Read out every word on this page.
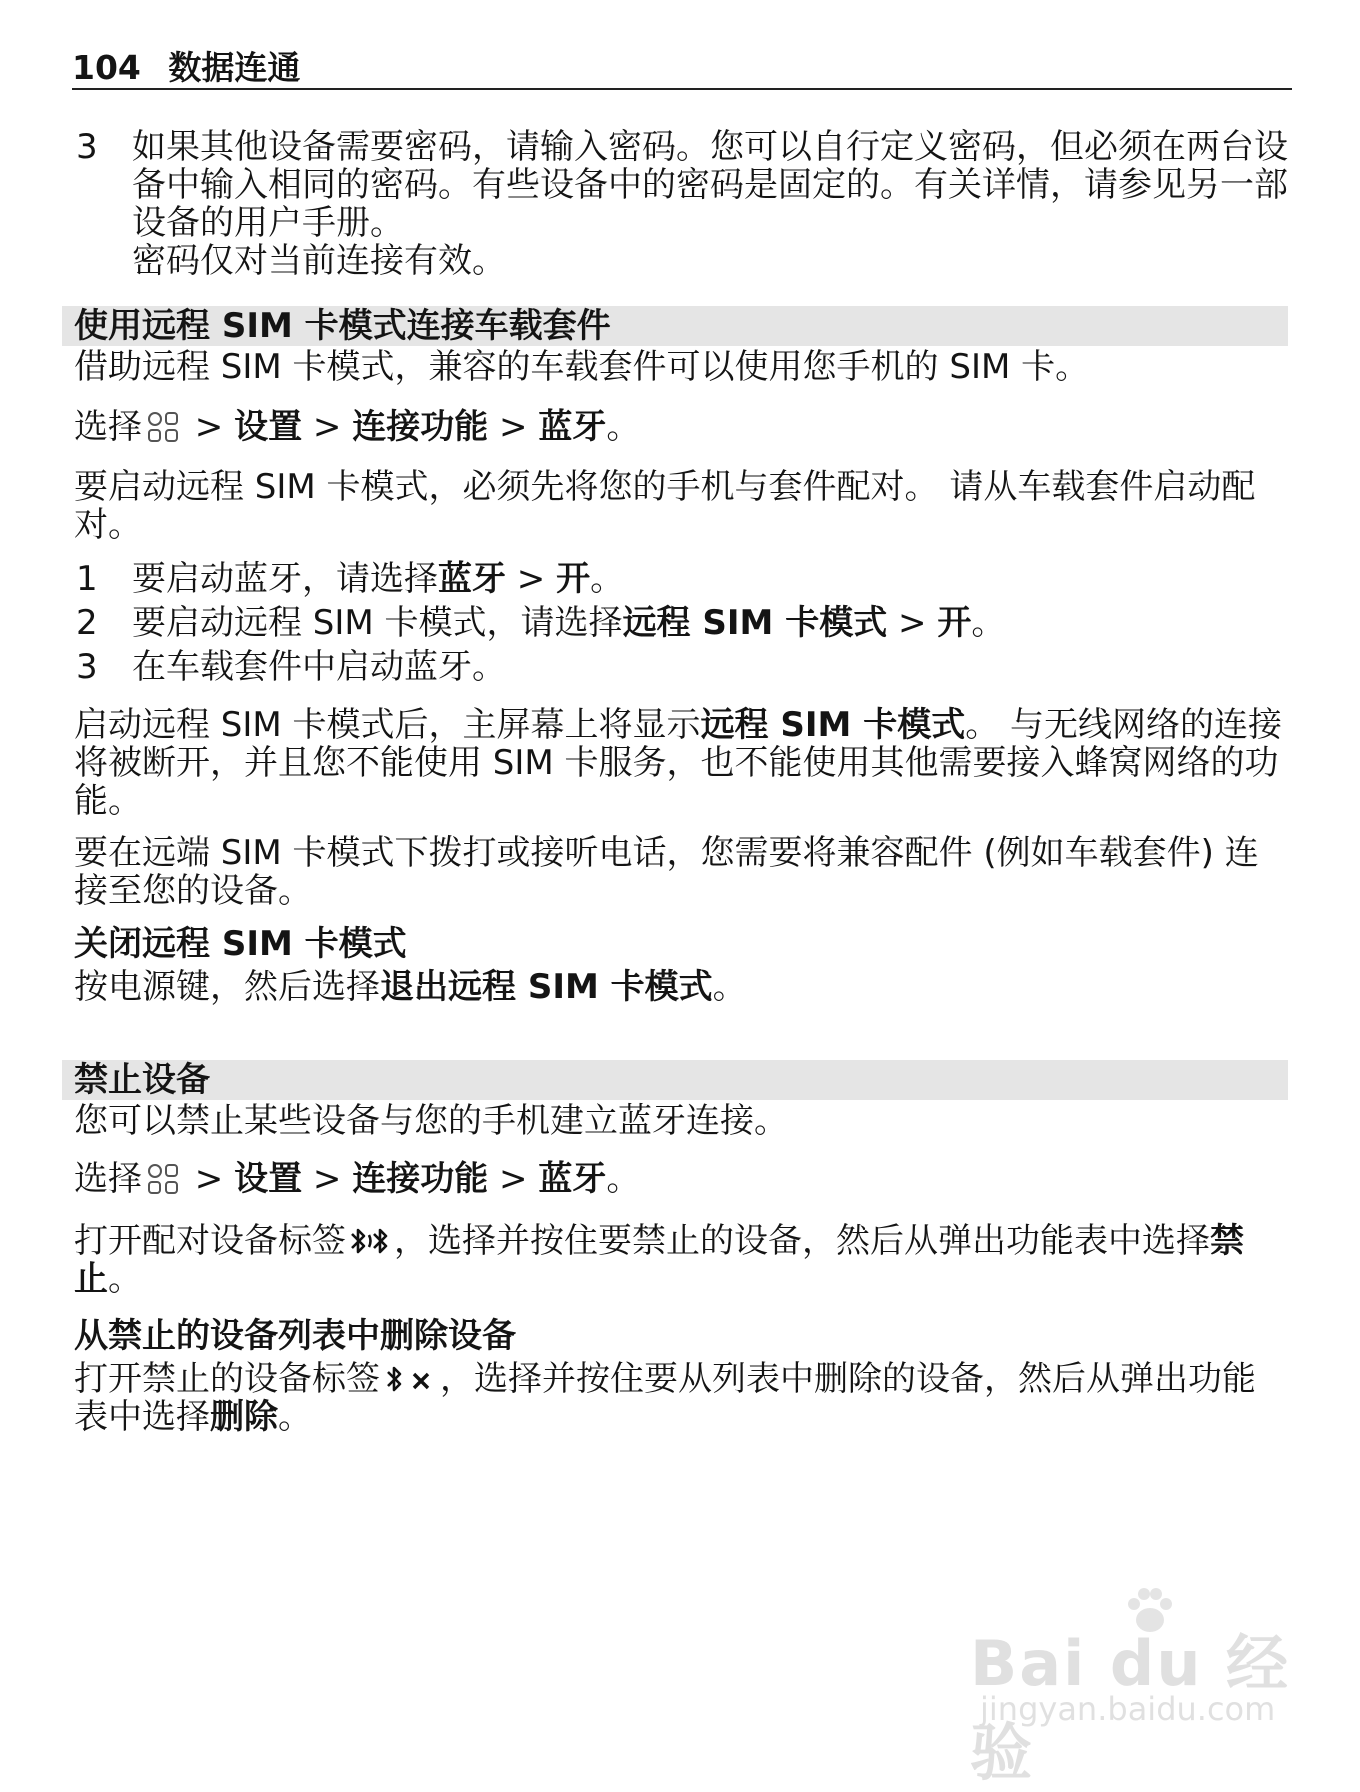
104 数据连通
3 如果其他设备需要密码，请输入密码。您可以自行定义密码，但必须在两台设备中输入相同的密码。有些设备中的密码是固定的。有关详情，请参见另一部设备的用户手册。
密码仅对当前连接有效。
使用远程 SIM 卡模式连接车载套件
借助远程 SIM 卡模式，兼容的车载套件可以使用您手机的 SIM 卡。
选择 > 设置 > 连接功能 > 蓝牙。
要启动远程 SIM 卡模式，必须先将您的手机与套件配对。 请从车载套件启动配对。
1 要启动蓝牙，请选择蓝牙 > 开。
2 要启动远程 SIM 卡模式，请选择远程 SIM 卡模式 > 开。
3 在车载套件中启动蓝牙。
启动远程 SIM 卡模式后，主屏幕上将显示远程 SIM 卡模式。 与无线网络的连接将被断开，并且您不能使用 SIM 卡服务，也不能使用其他需要接入蜂窝网络的功能。
要在远端 SIM 卡模式下拨打或接听电话，您需要将兼容配件 (例如车载套件) 连接至您的设备。
关闭远程 SIM 卡模式
按电源键，然后选择退出远程 SIM 卡模式。
禁止设备
您可以禁止某些设备与您的手机建立蓝牙连接。
选择 > 设置 > 连接功能 > 蓝牙。
打开配对设备标签 ，选择并按住要禁止的设备，然后从弹出功能表中选择禁止。
从禁止的设备列表中删除设备
打开禁止的设备标签 ，选择并按住要从列表中删除的设备，然后从弹出功能表中选择删除。
Bai du 经验
jingyan.baidu.com
